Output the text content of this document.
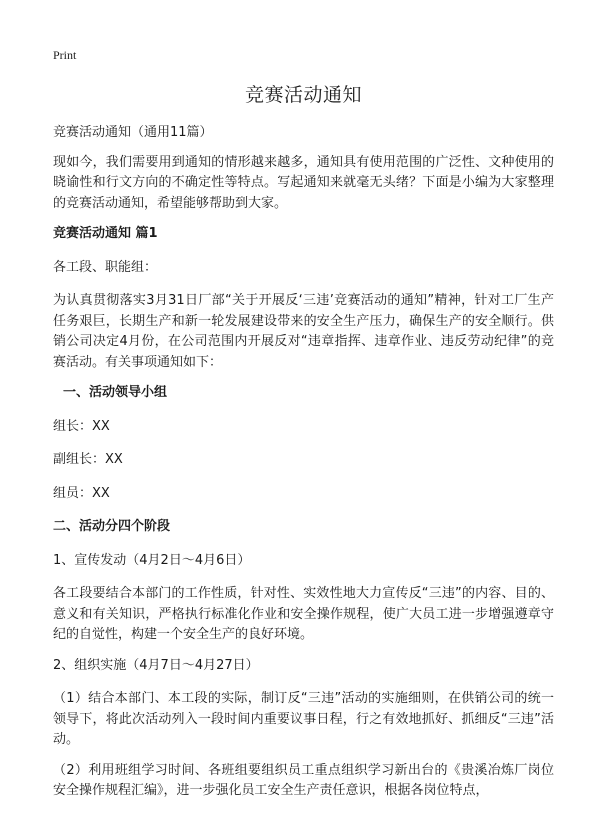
Print
竞赛活动通知

竞赛活动通知（通用11篇）

现如今，我们需要用到通知的情形越来越多，通知具有使用范围的广泛性、文种使用的晓谕性和行文方向的不确定性等特点。写起通知来就毫无头绪？下面是小编为大家整理的竞赛活动通知，希望能够帮助到大家。

竞赛活动通知 篇1

各工段、职能组：

为认真贯彻落实3月31日厂部“关于开展反‘三违’竞赛活动的通知”精神，针对工厂生产任务艰巨，长期生产和新一轮发展建设带来的安全生产压力，确保生产的安全顺行。供销公司决定4月份，在公司范围内开展反对“违章指挥、违章作业、违反劳动纪律”的竞赛活动。有关事项通知如下：

一、活动领导小组

组长：XX

副组长：XX

组员：XX

二、活动分四个阶段

1、宣传发动（4月2日～4月6日）

各工段要结合本部门的工作性质，针对性、实效性地大力宣传反“三违”的内容、目的、意义和有关知识，严格执行标准化作业和安全操作规程，使广大员工进一步增强遵章守纪的自觉性，构建一个安全生产的良好环境。

2、组织实施（4月7日～4月27日）

（1）结合本部门、本工段的实际，制订反“三违”活动的实施细则，在供销公司的统一领导下，将此次活动列入一段时间内重要议事日程，行之有效地抓好、抓细反“三违”活动。

（2）利用班组学习时间、各班组要组织员工重点组织学习新出台的《贵溪冶炼厂岗位安全操作规程汇编》，进一步强化员工安全生产责任意识，根据各岗位特点，
